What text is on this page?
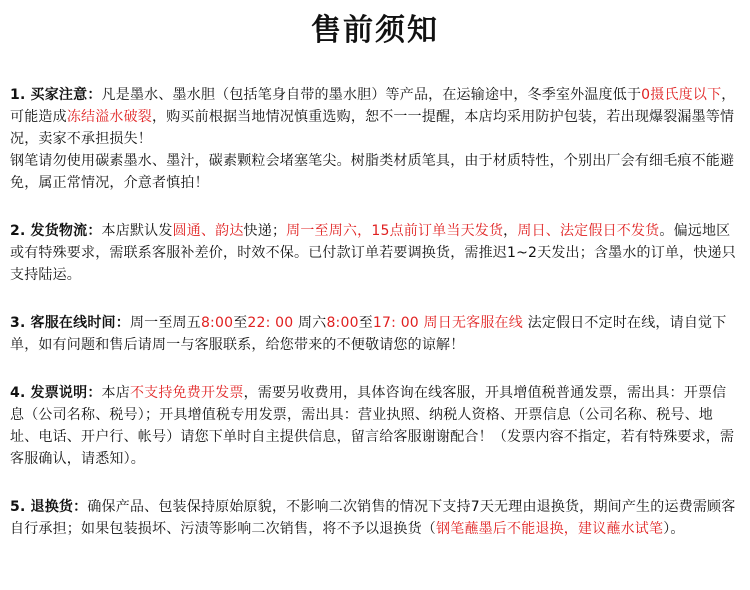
售前须知
1. 买家注意：凡是墨水、墨水胆（包括笔身自带的墨水胆）等产品，在运输途中，冬季室外温度低于0摄氏度以下，可能造成冻结溢水破裂，购买前根据当地情况慎重选购，恕不一一提醒，本店均采用防护包装，若出现爆裂漏墨等情况，卖家不承担损失！
钢笔请勿使用碳素墨水、墨汁，碳素颗粒会堵塞笔尖。树脂类材质笔具，由于材质特性，个别出厂会有细毛痕不能避免，属正常情况，介意者慎拍！
2. 发货物流：本店默认发圆通、韵达快递；周一至周六，15点前订单当天发货，周日、法定假日不发货。偏远地区或有特殊要求，需联系客服补差价，时效不保。已付款订单若要调换货，需推迟1~2天发出；含墨水的订单，快递只支持陆运。
3. 客服在线时间：周一至周五8:00至22: 00 周六8:00至17: 00 周日无客服在线 法定假日不定时在线，请自觉下单，如有问题和售后请周一与客服联系，给您带来的不便敬请您的谅解！
4. 发票说明：本店不支持免费开发票，需要另收费用，具体咨询在线客服，开具增值税普通发票，需出具：开票信息（公司名称、税号）；开具增值税专用发票，需出具：营业执照、纳税人资格、开票信息（公司名称、税号、地址、电话、开户行、帐号）请您下单时自主提供信息，留言给客服谢谢配合！（发票内容不指定，若有特殊要求，需客服确认，请悉知）。
5. 退换货：确保产品、包装保持原始原貌，不影响二次销售的情况下支持7天无理由退换货，期间产生的运费需顾客自行承担；如果包装损坏、污渍等影响二次销售，将不予以退换货（钢笔蘸墨后不能退换，建议蘸水试笔）。
